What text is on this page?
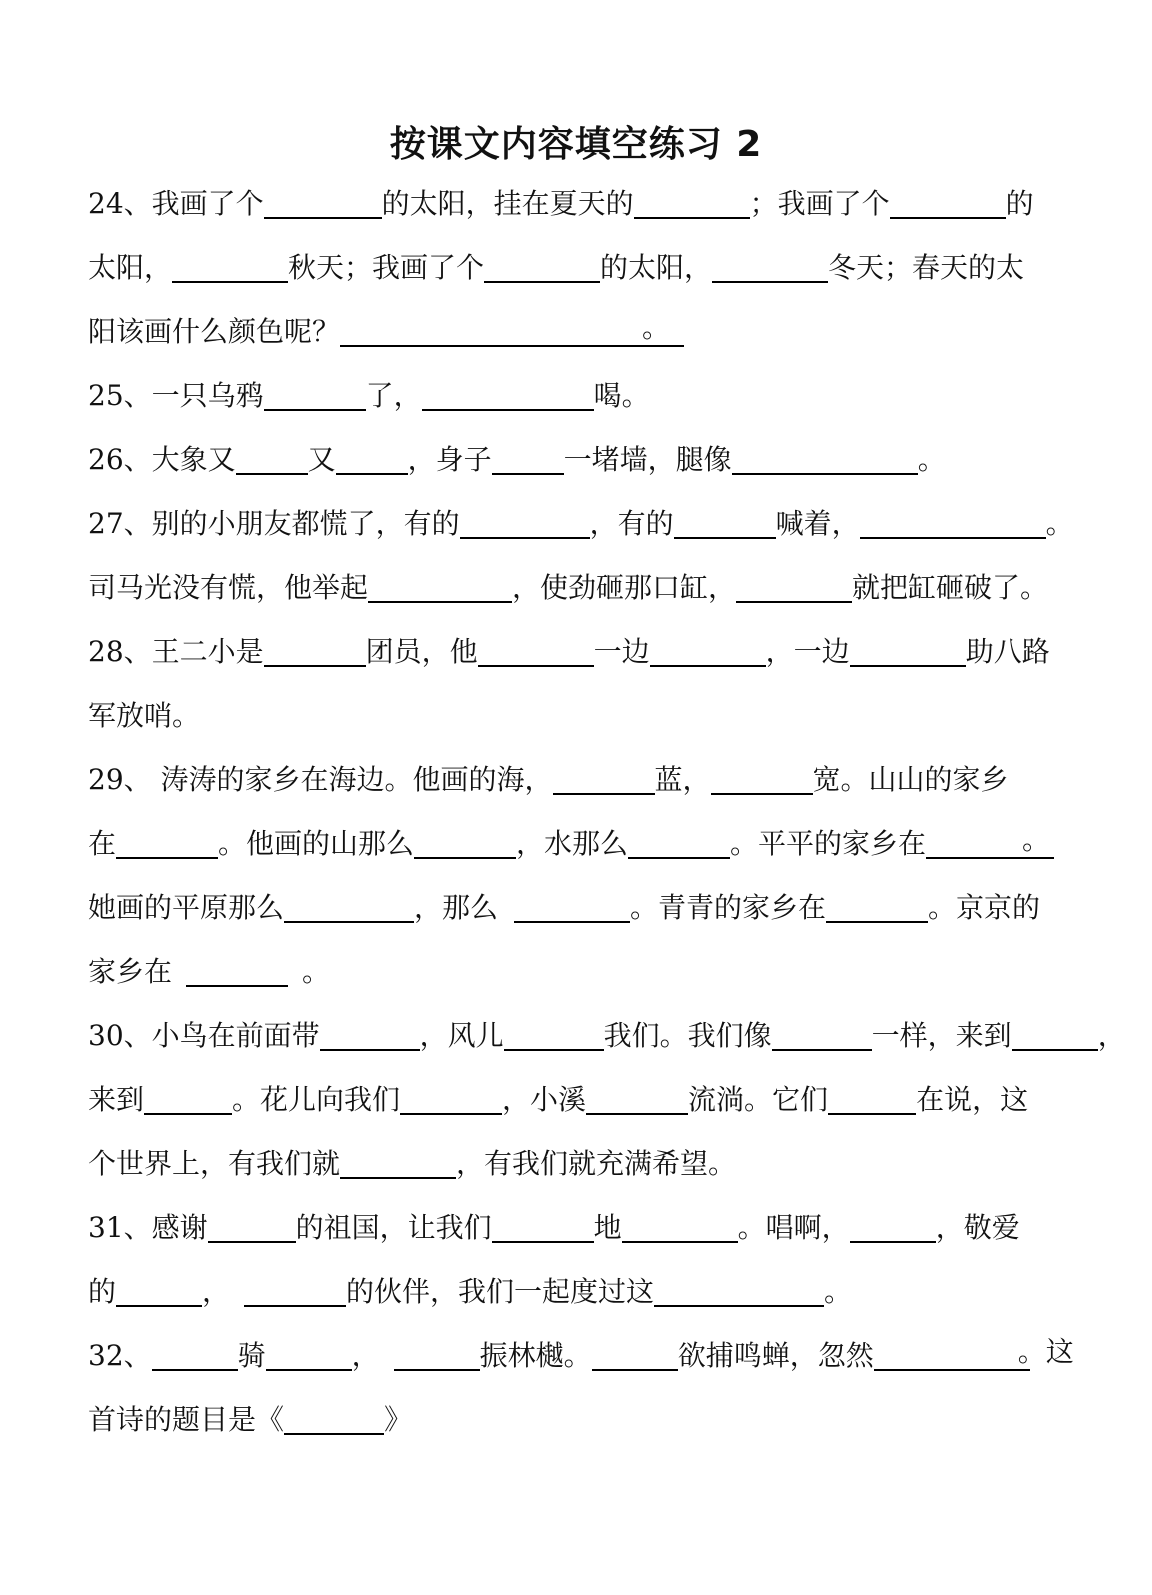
按课文内容填空练习 2
24、我画了个	的太阳，挂在夏天的	；我画了个	的
太阳，	秋天；我画了个	的太阳，	冬天；春天的太
阳该画什么颜色呢？	。
25、一只乌鸦	了，	喝。
26、大象又	又	，身子	一堵墙，腿像	。
27、别的小朋友都慌了，有的	，有的	喊着，	。
司马光没有慌，他举起	，使劲砸那口缸，	就把缸砸破了。
28、王二小是	团员，他	一边	，一边	助八路
军放哨。
29、 涛涛的家乡在海边。他画的海，	蓝，	宽。山山的家乡
在	。他画的山那么	，水那么	。平平的家乡在	。
她画的平原那么	，那么	。青青的家乡在	。京京的
家乡在	。
30、小鸟在前面带	，风儿	我们。我们像	一样，来到	，
来到	。花儿向我们	，小溪	流淌。它们	在说，这
个世界上，有我们就	，有我们就充满希望。
31、感谢	的祖国，让我们	地	。唱啊，	，敬爱
的	，	的伙伴，我们一起度过这	。
32、	骑	，	振林樾。	欲捕鸣蝉，忽然	。这
首诗的题目是《	》
